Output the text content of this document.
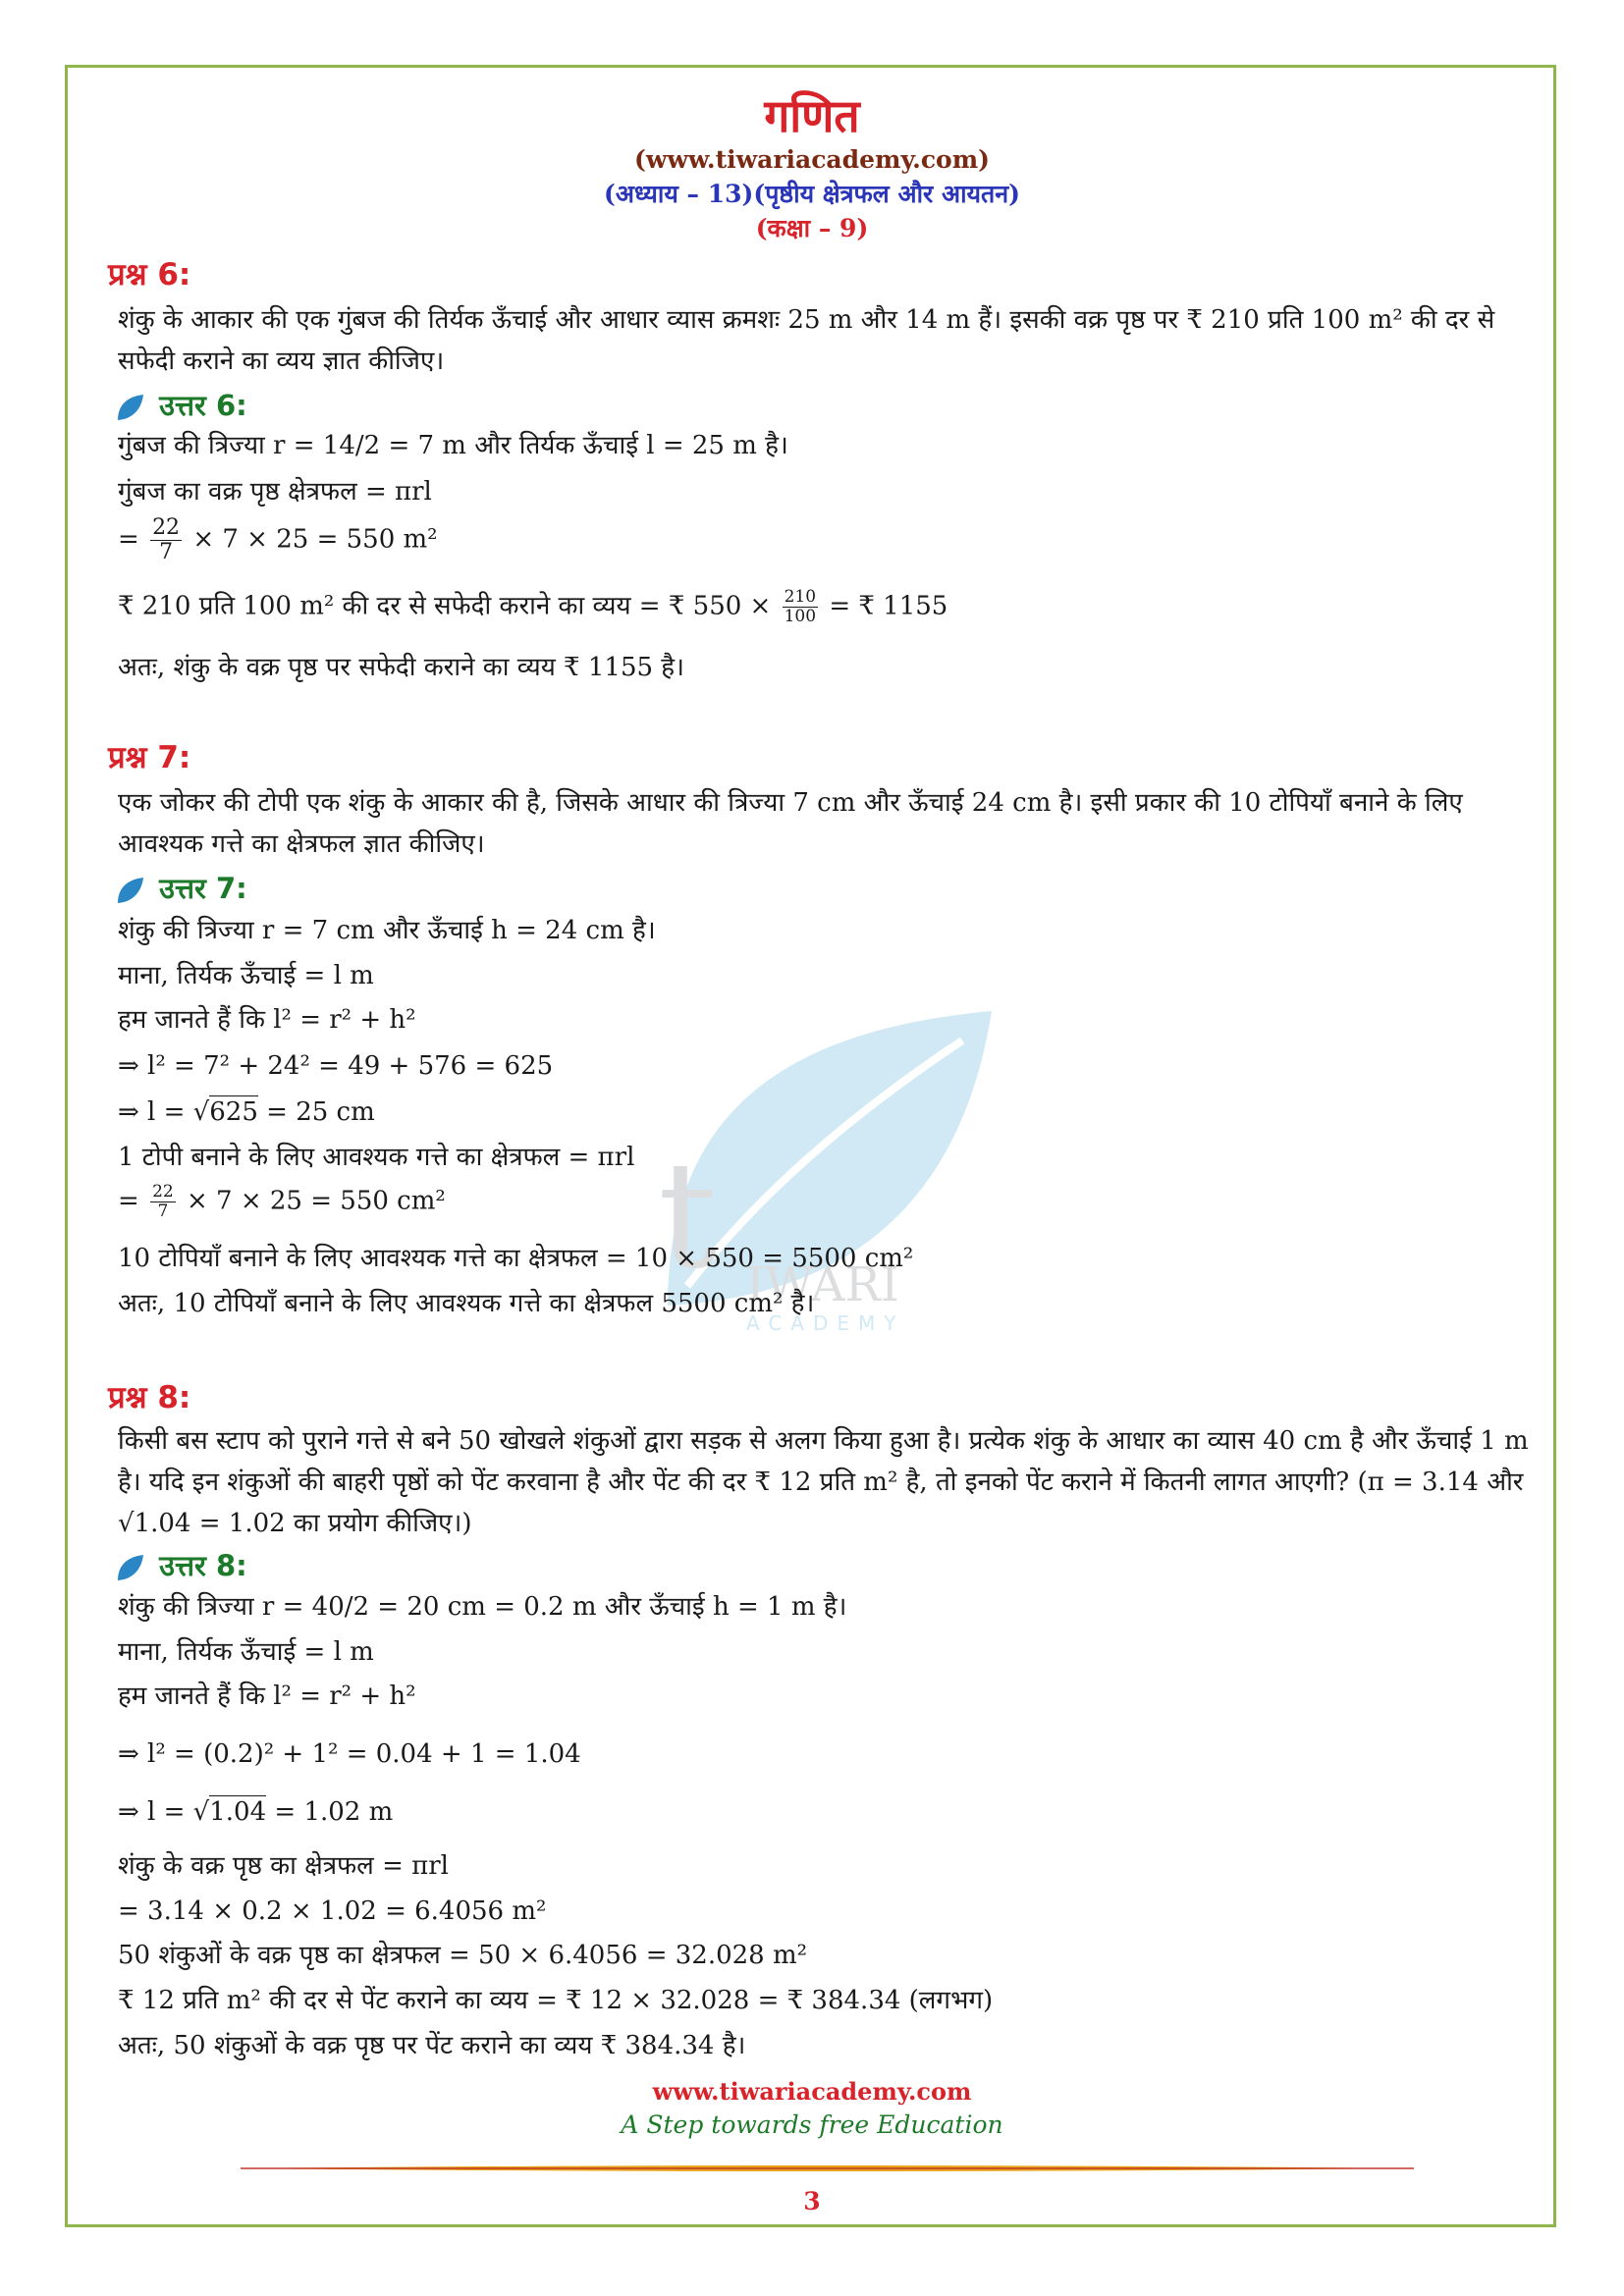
t IWARI
ACADEMY
गणित
(www.tiwariacademy.com)
(अध्याय – 13)(पृष्ठीय क्षेत्रफल और आयतन)
(कक्षा – 9)
प्रश्न 6:
शंकु के आकार की एक गुंबज की तिर्यक ऊँचाई और आधार व्यास क्रमशः 25 m और 14 m हैं। इसकी वक्र पृष्ठ पर ₹ 210 प्रति 100 m² की दर से सफेदी कराने का व्यय ज्ञात कीजिए।
उत्तर 6:
गुंबज की त्रिज्या r = 14/2 = 7 m और तिर्यक ऊँचाई l = 25 m है।
गुंबज का वक्र पृष्ठ क्षेत्रफल = πrl
= $\frac{22}{7} \times 7 \times 25 = 550$ m²
₹ 210 प्रति 100 m² की दर से सफेदी कराने का व्यय = ₹ $550 \times \frac{210}{100}$ = ₹ 1155
अतः, शंकु के वक्र पृष्ठ पर सफेदी कराने का व्यय ₹ 1155 है।
प्रश्न 7:
एक जोकर की टोपी एक शंकु के आकार की है, जिसके आधार की त्रिज्या 7 cm और ऊँचाई 24 cm है। इसी प्रकार की 10 टोपियाँ बनाने के लिए आवश्यक गत्ते का क्षेत्रफल ज्ञात कीजिए।
उत्तर 7:
शंकु की त्रिज्या r = 7 cm और ऊँचाई h = 24 cm है।
माना, तिर्यक ऊँचाई = l m
हम जानते हैं कि l² = r² + h²
⇒ l² = 7² + 24² = 49 + 576 = 625
⇒ l = √625 = 25 cm
1 टोपी बनाने के लिए आवश्यक गत्ते का क्षेत्रफल = πrl
= $\frac{22}{7} \times 7 \times 25 = 550$ cm²
10 टोपियाँ बनाने के लिए आवश्यक गत्ते का क्षेत्रफल = 10 × 550 = 5500 cm²
अतः, 10 टोपियाँ बनाने के लिए आवश्यक गत्ते का क्षेत्रफल 5500 cm² है।
प्रश्न 8:
किसी बस स्टाप को पुराने गत्ते से बने 50 खोखले शंकुओं द्वारा सड़क से अलग किया हुआ है। प्रत्येक शंकु के आधार का व्यास 40 cm है और ऊँचाई 1 m है। यदि इन शंकुओं की बाहरी पृष्ठों को पेंट करवाना है और पेंट की दर ₹ 12 प्रति m² है, तो इनको पेंट कराने में कितनी लागत आएगी? (π = 3.14 और √1.04 = 1.02 का प्रयोग कीजिए।)
उत्तर 8:
शंकु की त्रिज्या r = 40/2 = 20 cm = 0.2 m और ऊँचाई h = 1 m है।
माना, तिर्यक ऊँचाई = l m
हम जानते हैं कि l² = r² + h²
⇒ l² = (0.2)² + 1² = 0.04 + 1 = 1.04
⇒ l = √1.04 = 1.02 m
शंकु के वक्र पृष्ठ का क्षेत्रफल = πrl
= 3.14 × 0.2 × 1.02 = 6.4056 m²
50 शंकुओं के वक्र पृष्ठ का क्षेत्रफल = 50 × 6.4056 = 32.028 m²
₹ 12 प्रति m² की दर से पेंट कराने का व्यय = ₹ 12 × 32.028 = ₹ 384.34 (लगभग)
अतः, 50 शंकुओं के वक्र पृष्ठ पर पेंट कराने का व्यय ₹ 384.34 है।
www.tiwariacademy.com
A Step towards free Education
3
